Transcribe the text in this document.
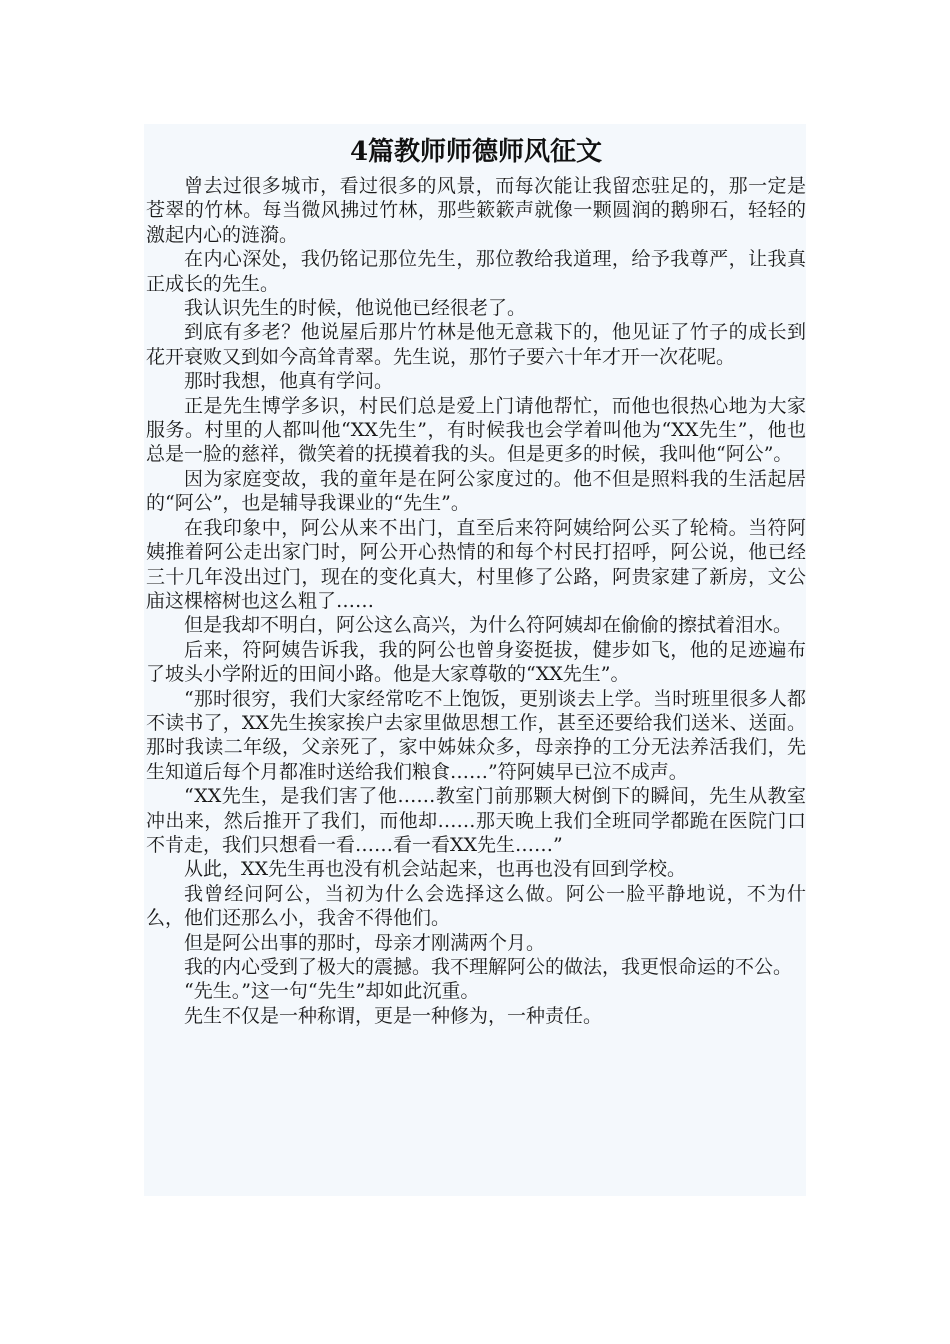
4篇教师师德师风征文

曾去过很多城市，看过很多的风景，而每次能让我留恋驻足的，那一定是苍翠的竹林。每当微风拂过竹林，那些簌簌声就像一颗圆润的鹅卵石，轻轻的激起内心的涟漪。

在内心深处，我仍铭记那位先生，那位教给我道理，给予我尊严，让我真正成长的先生。

我认识先生的时候，他说他已经很老了。

到底有多老？他说屋后那片竹林是他无意栽下的，他见证了竹子的成长到花开衰败又到如今高耸青翠。先生说，那竹子要六十年才开一次花呢。

那时我想，他真有学问。

正是先生博学多识，村民们总是爱上门请他帮忙，而他也很热心地为大家服务。村里的人都叫他“XX先生”，有时候我也会学着叫他为“XX先生”，他也总是一脸的慈祥，微笑着的抚摸着我的头。但是更多的时候，我叫他“阿公”。

因为家庭变故，我的童年是在阿公家度过的。他不但是照料我的生活起居的“阿公”，也是辅导我课业的“先生”。

在我印象中，阿公从来不出门，直至后来符阿姨给阿公买了轮椅。当符阿姨推着阿公走出家门时，阿公开心热情的和每个村民打招呼，阿公说，他已经三十几年没出过门，现在的变化真大，村里修了公路，阿贵家建了新房，文公庙这棵榕树也这么粗了……

但是我却不明白，阿公这么高兴，为什么符阿姨却在偷偷的擦拭着泪水。

后来，符阿姨告诉我，我的阿公也曾身姿挺拔，健步如飞，他的足迹遍布了坡头小学附近的田间小路。他是大家尊敬的“XX先生”。

“那时很穷，我们大家经常吃不上饱饭，更别谈去上学。当时班里很多人都不读书了，XX先生挨家挨户去家里做思想工作，甚至还要给我们送米、送面。那时我读二年级，父亲死了，家中姊妹众多，母亲挣的工分无法养活我们，先生知道后每个月都准时送给我们粮食……”符阿姨早已泣不成声。

“XX先生，是我们害了他……教室门前那颗大树倒下的瞬间，先生从教室冲出来，然后推开了我们，而他却……那天晚上我们全班同学都跪在医院门口不肯走，我们只想看一看……看一看XX先生……”

从此，XX先生再也没有机会站起来，也再也没有回到学校。

我曾经问阿公，当初为什么会选择这么做。阿公一脸平静地说，不为什么，他们还那么小，我舍不得他们。

但是阿公出事的那时，母亲才刚满两个月。

我的内心受到了极大的震撼。我不理解阿公的做法，我更恨命运的不公。

“先生。”这一句“先生”却如此沉重。

先生不仅是一种称谓，更是一种修为，一种责任。
